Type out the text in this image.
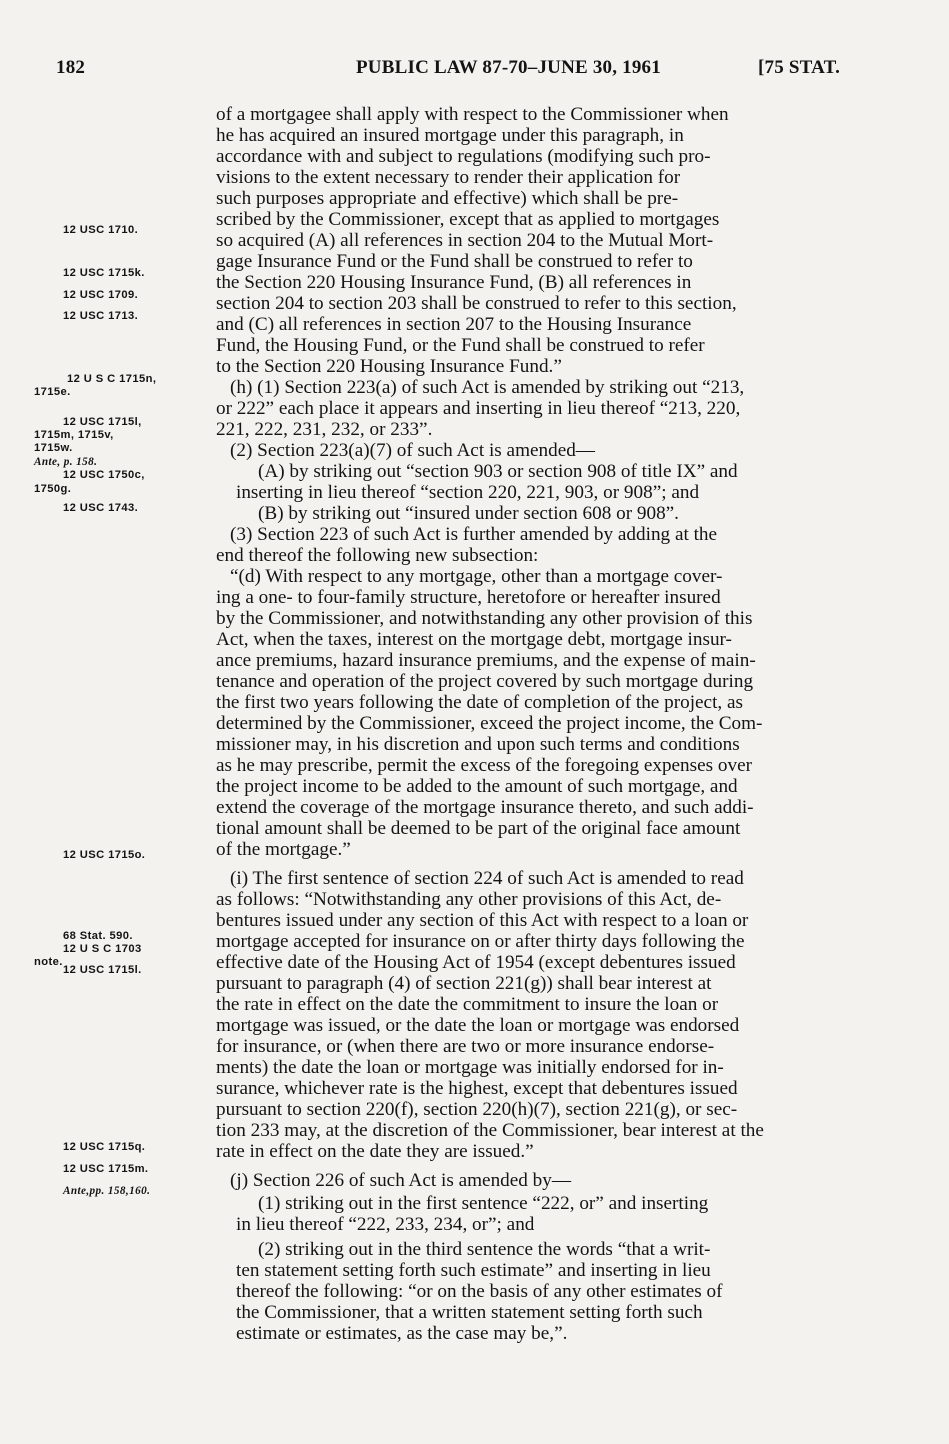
182	PUBLIC LAW 87-70–JUNE 30, 1961	[75 STAT.
12 USC 1710.
12 USC 1715k.
12 USC 1709.
12 USC 1713.
12 U S C 1715n,
1715e.
12 USC 1715l,
1715m, 1715v,
1715w.
Ante, p. 158.
12 USC 1750c,
1750g.
12 USC 1743.
12 USC 1715o.
68 Stat. 590.
12 U S C 1703
note.
12 USC 1715l.
12 USC 1715q.
12 USC 1715m.
Ante,pp. 158,160.
of a mortgagee shall apply with respect to the Commissioner when
he has acquired an insured mortgage under this paragraph, in
accordance with and subject to regulations (modifying such pro-
visions to the extent necessary to render their application for
such purposes appropriate and effective) which shall be pre-
scribed by the Commissioner, except that as applied to mortgages
so acquired (A) all references in section 204 to the Mutual Mort-
gage Insurance Fund or the Fund shall be construed to refer to
the Section 220 Housing Insurance Fund, (B) all references in
section 204 to section 203 shall be construed to refer to this section,
and (C) all references in section 207 to the Housing Insurance
Fund, the Housing Fund, or the Fund shall be construed to refer
to the Section 220 Housing Insurance Fund.”
(h) (1) Section 223(a) of such Act is amended by striking out “213,
or 222” each place it appears and inserting in lieu thereof “213, 220,
221, 222, 231, 232, or 233”.
(2) Section 223(a)(7) of such Act is amended—
(A) by striking out “section 903 or section 908 of title IX” and
inserting in lieu thereof “section 220, 221, 903, or 908”; and
(B) by striking out “insured under section 608 or 908”.
(3) Section 223 of such Act is further amended by adding at the
end thereof the following new subsection:
“(d) With respect to any mortgage, other than a mortgage cover-
ing a one- to four-family structure, heretofore or hereafter insured
by the Commissioner, and notwithstanding any other provision of this
Act, when the taxes, interest on the mortgage debt, mortgage insur-
ance premiums, hazard insurance premiums, and the expense of main-
tenance and operation of the project covered by such mortgage during
the first two years following the date of completion of the project, as
determined by the Commissioner, exceed the project income, the Com-
missioner may, in his discretion and upon such terms and conditions
as he may prescribe, permit the excess of the foregoing expenses over
the project income to be added to the amount of such mortgage, and
extend the coverage of the mortgage insurance thereto, and such addi-
tional amount shall be deemed to be part of the original face amount
of the mortgage.”
(i) The first sentence of section 224 of such Act is amended to read
as follows: “Notwithstanding any other provisions of this Act, de-
bentures issued under any section of this Act with respect to a loan or
mortgage accepted for insurance on or after thirty days following the
effective date of the Housing Act of 1954 (except debentures issued
pursuant to paragraph (4) of section 221(g)) shall bear interest at
the rate in effect on the date the commitment to insure the loan or
mortgage was issued, or the date the loan or mortgage was endorsed
for insurance, or (when there are two or more insurance endorse-
ments) the date the loan or mortgage was initially endorsed for in-
surance, whichever rate is the highest, except that debentures issued
pursuant to section 220(f), section 220(h)(7), section 221(g), or sec-
tion 233 may, at the discretion of the Commissioner, bear interest at the
rate in effect on the date they are issued.”
(j) Section 226 of such Act is amended by—
(1) striking out in the first sentence “222, or” and inserting
in lieu thereof “222, 233, 234, or”; and
(2) striking out in the third sentence the words “that a writ-
ten statement setting forth such estimate” and inserting in lieu
thereof the following: “or on the basis of any other estimates of
the Commissioner, that a written statement setting forth such
estimate or estimates, as the case may be,”.
